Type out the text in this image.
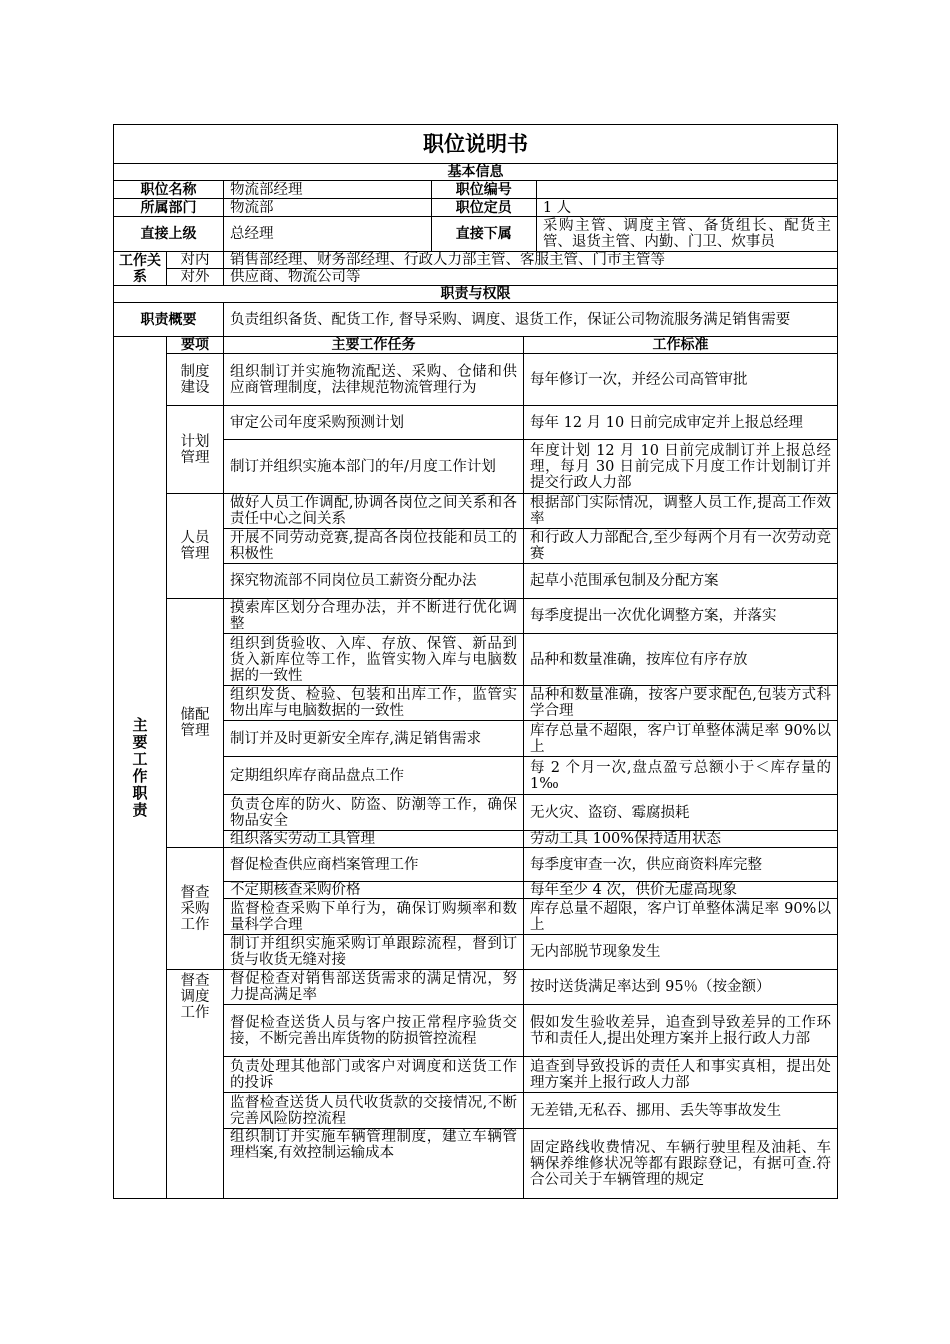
职位说明书
基本信息
职位名称	物流部经理	职位编号	

所属部门	物流部	职位定员	1 人

直接上级	总经理	直接下属	采购主管、调度主管、备货组长、配货主管、退货主管、内勤、门卫、炊事员

工作关系	对内	销售部经理、财务部经理、行政人力部主管、客服主管、门市主管等
对外	供应商、物流公司等
职责与权限
职责概要	负责组织备货、配货工作, 督导采购、调度、退货工作，保证公司物流服务满足销售需要
主要工作职责	要项	主要工作任务	工作标准
制度建设	组织制订并实施物流配送、采购、仓储和供应商管理制度，法律规范物流管理行为	每年修订一次，并经公司高管审批
计划管理	审定公司年度采购预测计划	每年 12 月 10 日前完成审定并上报总经理
制订并组织实施本部门的年/月度工作计划	年度计划 12 月 10 日前完成制订并上报总经理，每月 30 日前完成下月度工作计划制订并提交行政人力部
人员管理	做好人员工作调配,协调各岗位之间关系和各责任中心之间关系	根据部门实际情况，调整人员工作,提高工作效率
开展不同劳动竞赛,提高各岗位技能和员工的积极性	和行政人力部配合,至少每两个月有一次劳动竞赛
探究物流部不同岗位员工薪资分配办法	起草小范围承包制及分配方案
储配管理	摸索库区划分合理办法，并不断进行优化调整	每季度提出一次优化调整方案，并落实
组织到货验收、入库、存放、保管、新品到货入新库位等工作，监管实物入库与电脑数据的一致性	品种和数量准确，按库位有序存放
组织发货、检验、包装和出库工作，监管实物出库与电脑数据的一致性	品种和数量准确，按客户要求配色,包装方式科学合理
制订并及时更新安全库存,满足销售需求	库存总量不超限，客户订单整体满足率 90%以上
定期组织库存商品盘点工作	每 2 个月一次,盘点盈亏总额小于＜库存量的 1‰
负责仓库的防火、防盗、防潮等工作，确保物品安全	无火灾、盗窃、霉腐损耗
组织落实劳动工具管理	劳动工具 100%保持适用状态
督查采购工作	督促检查供应商档案管理工作	每季度审查一次，供应商资料库完整
不定期核查采购价格	每年至少 4 次，供价无虚高现象
监督检查采购下单行为，确保订购频率和数量科学合理	库存总量不超限，客户订单整体满足率 90%以上
制订并组织实施采购订单跟踪流程，督到订货与收货无缝对接	无内部脱节现象发生
督查调度工作	督促检查对销售部送货需求的满足情况，努力提高满足率	按时送货满足率达到 95％（按金额）
督促检查送货人员与客户按正常程序验货交接，不断完善出库货物的防损管控流程	假如发生验收差异，追查到导致差异的工作环节和责任人,提出处理方案并上报行政人力部
负责处理其他部门或客户对调度和送货工作的投诉	追查到导致投诉的责任人和事实真相，提出处理方案并上报行政人力部
监督检查送货人员代收货款的交接情况,不断完善风险防控流程	无差错,无私吞、挪用、丢失等事故发生
组织制订并实施车辆管理制度，建立车辆管理档案,有效控制运输成本	固定路线收费情况、车辆行驶里程及油耗、车辆保养维修状况等都有跟踪登记，有据可查.符合公司关于车辆管理的规定
